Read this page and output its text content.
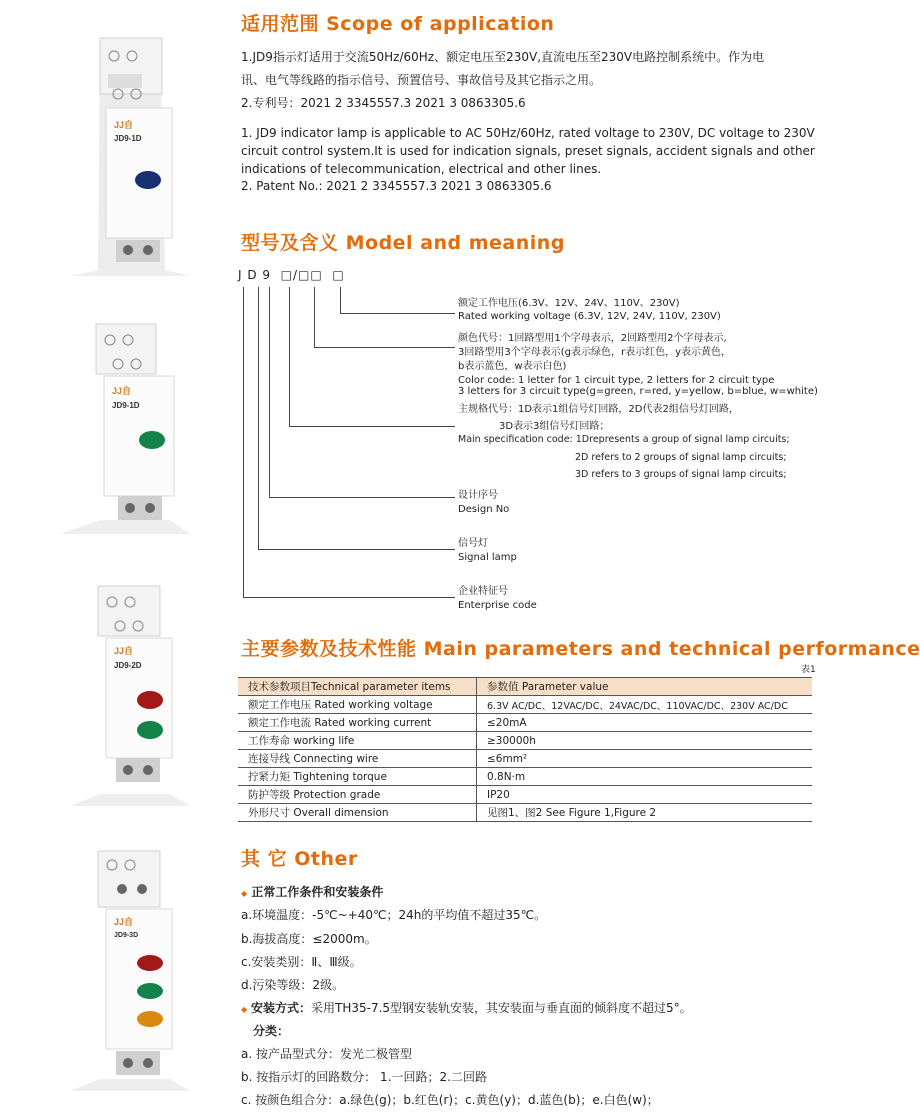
JJ自
JD9-1D
JJ自
JD9-1D
JJ自
JD9-2D
JJ自
JD9-3D
适用范围 Scope of application
1.JD9指示灯适用于交流50Hz/60Hz、额定电压至230V,直流电压至230V电路控制系统中。作为电
讯、电气等线路的指示信号、预置信号、事故信号及其它指示之用。
2.专利号：2021 2 3345557.3 2021 3 0863305.6
1. JD9 indicator lamp is applicable to AC 50Hz/60Hz, rated voltage to 230V, DC voltage to 230V
circuit control system.It is used for indication signals, preset signals, accident signals and other
indications of telecommunication, electrical and other lines.
2. Patent No.: 2021 2 3345557.3 2021 3 0863305.6
型号及含义 Model and meaning
J D 9  □/□□  □
额定工作电压(6.3V、12V、24V、110V、230V)
Rated working voltage (6.3V, 12V, 24V, 110V, 230V)
颜色代号：1回路型用1个字母表示，2回路型用2个字母表示,
3回路型用3个字母表示(g表示绿色，r表示红色，y表示黄色，
b表示蓝色，w表示白色)
Color code: 1 letter for 1 circuit type, 2 letters for 2 circuit type
3 letters for 3 circuit type(g=green, r=red, y=yellow, b=blue, w=white)
主规格代号：1D表示1组信号灯回路，2D代表2组信号灯回路，
3D表示3组信号灯回路；
Main specification code: 1Drepresents a group of signal lamp circuits;
2D refers to 2 groups of signal lamp circuits;
3D refers to 3 groups of signal lamp circuits;
设计序号
Design No
信号灯
Signal lamp
企业特征号
Enterprise code
主要参数及技术性能 Main parameters and technical performance
表1
技术参数项目Technical parameter items	参数值 Parameter value
额定工作电压 Rated working voltage	6.3V AC/DC、12VAC/DC、24VAC/DC、110VAC/DC、230V AC/DC
额定工作电流 Rated working current	≤20mA
工作寿命 working life	≥30000h
连接导线 Connecting wire	≤6mm²
拧紧力矩 Tightening torque	0.8N·m
防护等级 Protection grade	IP20
外形尺寸 Overall dimension	见图1、图2 See Figure 1,Figure 2
其 它 Other
◆ 正常工作条件和安装条件
a.环境温度：-5℃~+40℃；24h的平均值不超过35℃。
b.海拔高度：≤2000m。
c.安装类别：Ⅱ、Ⅲ级。
d.污染等级：2级。
◆ 安装方式：采用TH35-7.5型钢安装轨安装，其安装面与垂直面的倾斜度不超过5°。
分类：
a. 按产品型式分：发光二极管型
b. 按指示灯的回路数分： 1.一回路；2.二回路
c. 按颜色组合分：a.绿色(g)；b.红色(r)；c.黄色(y)；d.蓝色(b)；e.白色(w)；
